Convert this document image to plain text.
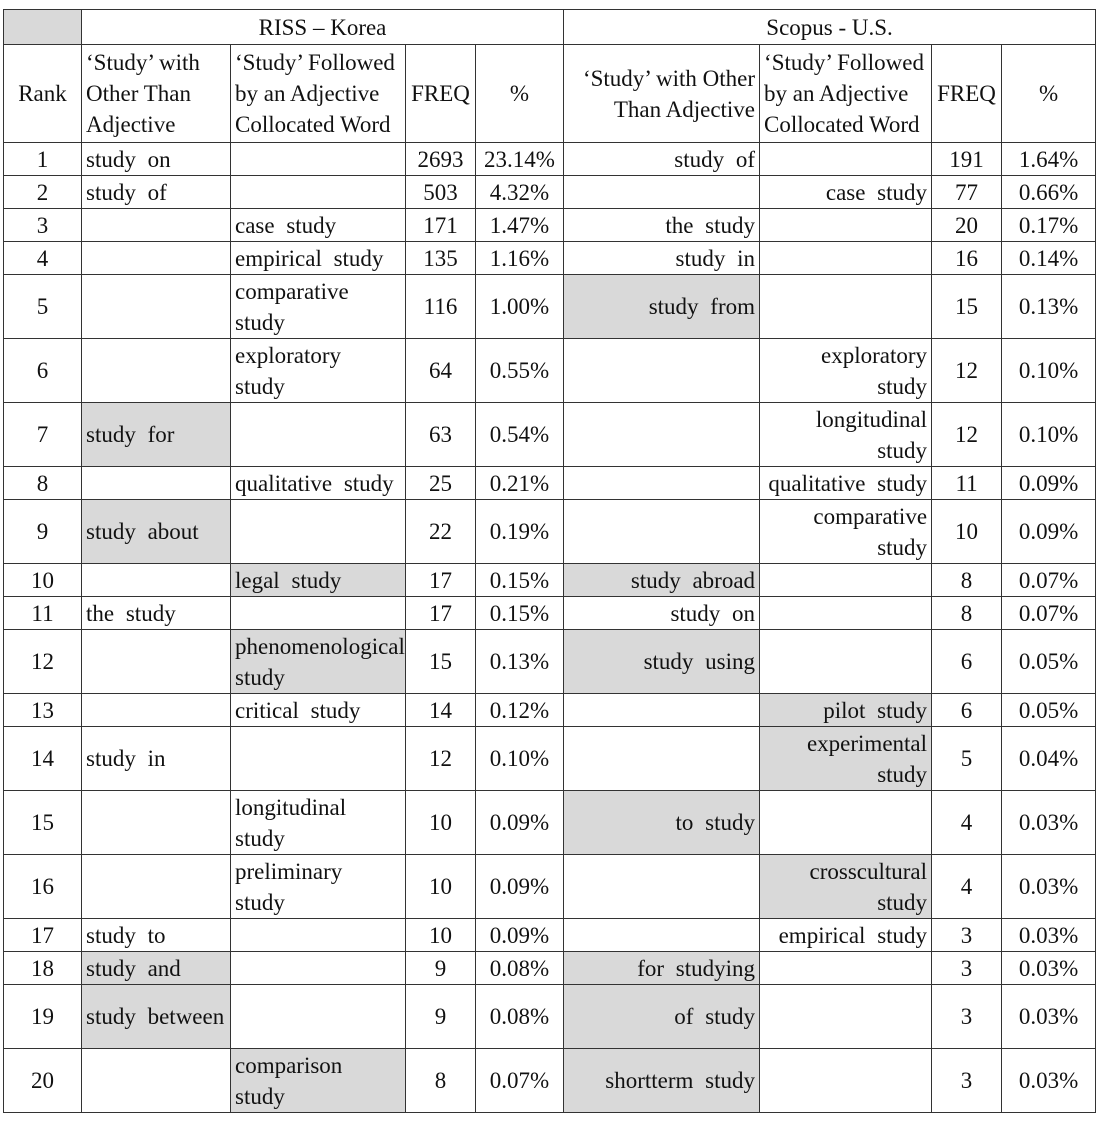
	RISS – Korea				Scopus - U.S.			
Rank	‘Study’ with Other Than Adjective	‘Study’ Followed by an Adjective Collocated Word	FREQ	%	‘Study’ with Other Than Adjective	‘Study’ Followed by an Adjective Collocated Word	FREQ	%
1	study on		2693	23.14%	study of		191	1.64%
2	study of		503	4.32%		case study	77	0.66%
3		case study	171	1.47%	the study		20	0.17%
4		empirical study	135	1.16%	study in		16	0.14%
5		comparative study	116	1.00%	study from		15	0.13%
6		exploratory study	64	0.55%		exploratory study	12	0.10%
7	study for		63	0.54%		longitudinal study	12	0.10%
8		qualitative study	25	0.21%		qualitative study	11	0.09%
9	study about		22	0.19%		comparative study	10	0.09%
10		legal study	17	0.15%	study abroad		8	0.07%
11	the study		17	0.15%	study on		8	0.07%
12		phenomenological study	15	0.13%	study using		6	0.05%
13		critical study	14	0.12%		pilot study	6	0.05%
14	study in		12	0.10%		experimental study	5	0.04%
15		longitudinal study	10	0.09%	to study		4	0.03%
16		preliminary study	10	0.09%		crosscultural study	4	0.03%
17	study to		10	0.09%		empirical study	3	0.03%
18	study and		9	0.08%	for studying		3	0.03%
19	study between		9	0.08%	of study		3	0.03%
20		comparison study	8	0.07%	shortterm study		3	0.03%
